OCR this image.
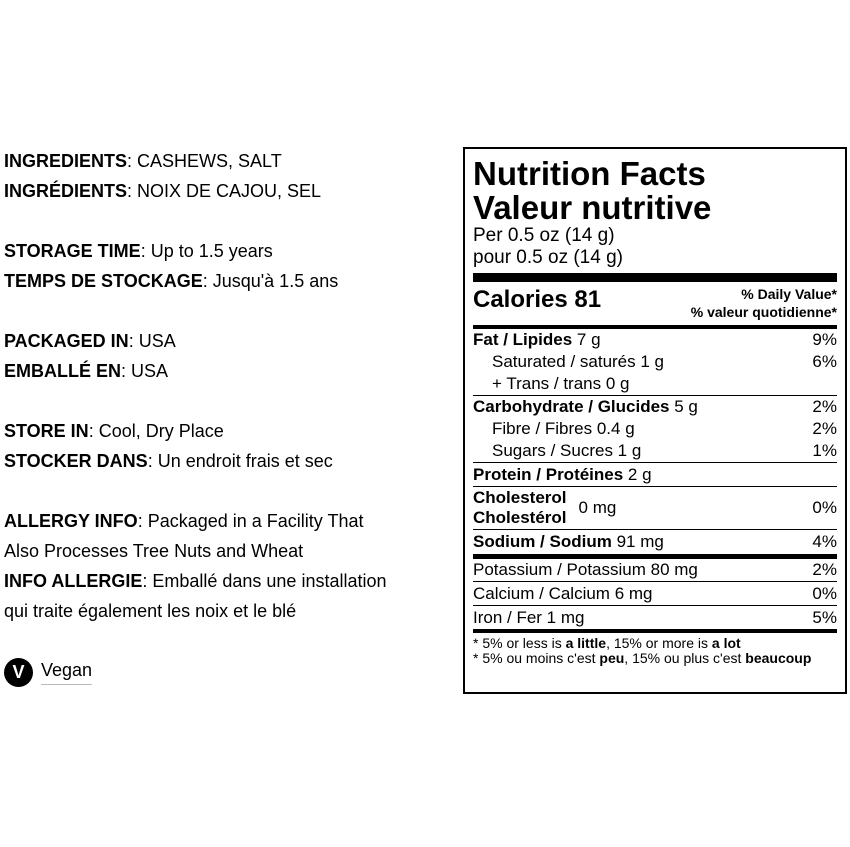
INGREDIENTS: CASHEWS, SALT
INGRÉDIENTS: NOIX DE CAJOU, SEL
STORAGE TIME: Up to 1.5 years
TEMPS DE STOCKAGE: Jusqu'à 1.5 ans
PACKAGED IN: USA
EMBALLÉ EN: USA
STORE IN: Cool, Dry Place
STOCKER DANS: Un endroit frais et sec
ALLERGY INFO: Packaged in a Facility That
Also Processes Tree Nuts and Wheat
INFO ALLERGIE: Emballé dans une installation
qui traite également les noix et le blé
V Vegan
Nutrition Facts
Valeur nutritive
Per 0.5 oz (14 g)
pour 0.5 oz (14 g)
Calories 81	% Daily Value*
% valeur quotidienne*
Fat / Lipides 7 g	9%
Saturated / saturés 1 g	6%
+ Trans / trans 0 g
Carbohydrate / Glucides 5 g	2%
Fibre / Fibres 0.4 g	2%
Sugars / Sucres 1 g	1%
Protein / Protéines 2 g
Cholesterol
Cholestérol
0 mg	0%
Sodium / Sodium 91 mg	4%
Potassium / Potassium 80 mg	2%
Calcium / Calcium 6 mg	0%
Iron / Fer 1 mg	5%
* 5% or less is a little, 15% or more is a lot
* 5% ou moins c'est peu, 15% ou plus c'est beaucoup
